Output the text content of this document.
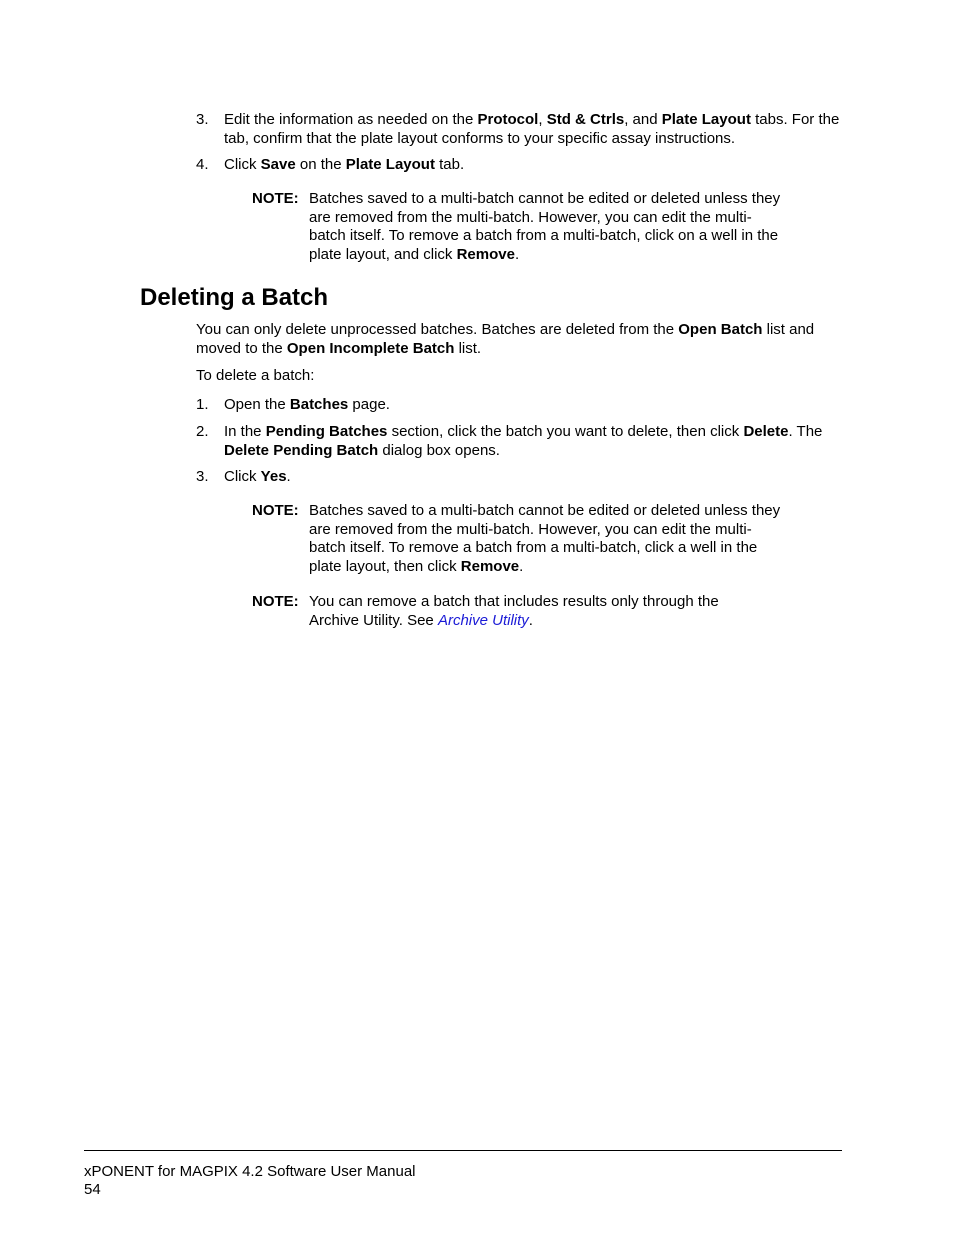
3. Edit the information as needed on the Protocol, Std & Ctrls, and Plate Layout tabs. For the tab, confirm that the plate layout conforms to your specific assay instructions.
4. Click Save on the Plate Layout tab.
NOTE: Batches saved to a multi-batch cannot be edited or deleted unless they are removed from the multi-batch. However, you can edit the multi-batch itself. To remove a batch from a multi-batch, click on a well in the plate layout, and click Remove.
Deleting a Batch
You can only delete unprocessed batches. Batches are deleted from the Open Batch list and moved to the Open Incomplete Batch list.
To delete a batch:
1. Open the Batches page.
2. In the Pending Batches section, click the batch you want to delete, then click Delete. The Delete Pending Batch dialog box opens.
3. Click Yes.
NOTE: Batches saved to a multi-batch cannot be edited or deleted unless they are removed from the multi-batch. However, you can edit the multi-batch itself. To remove a batch from a multi-batch, click a well in the plate layout, then click Remove.
NOTE: You can remove a batch that includes results only through the Archive Utility. See Archive Utility.
xPONENT for MAGPIX 4.2 Software User Manual
54
